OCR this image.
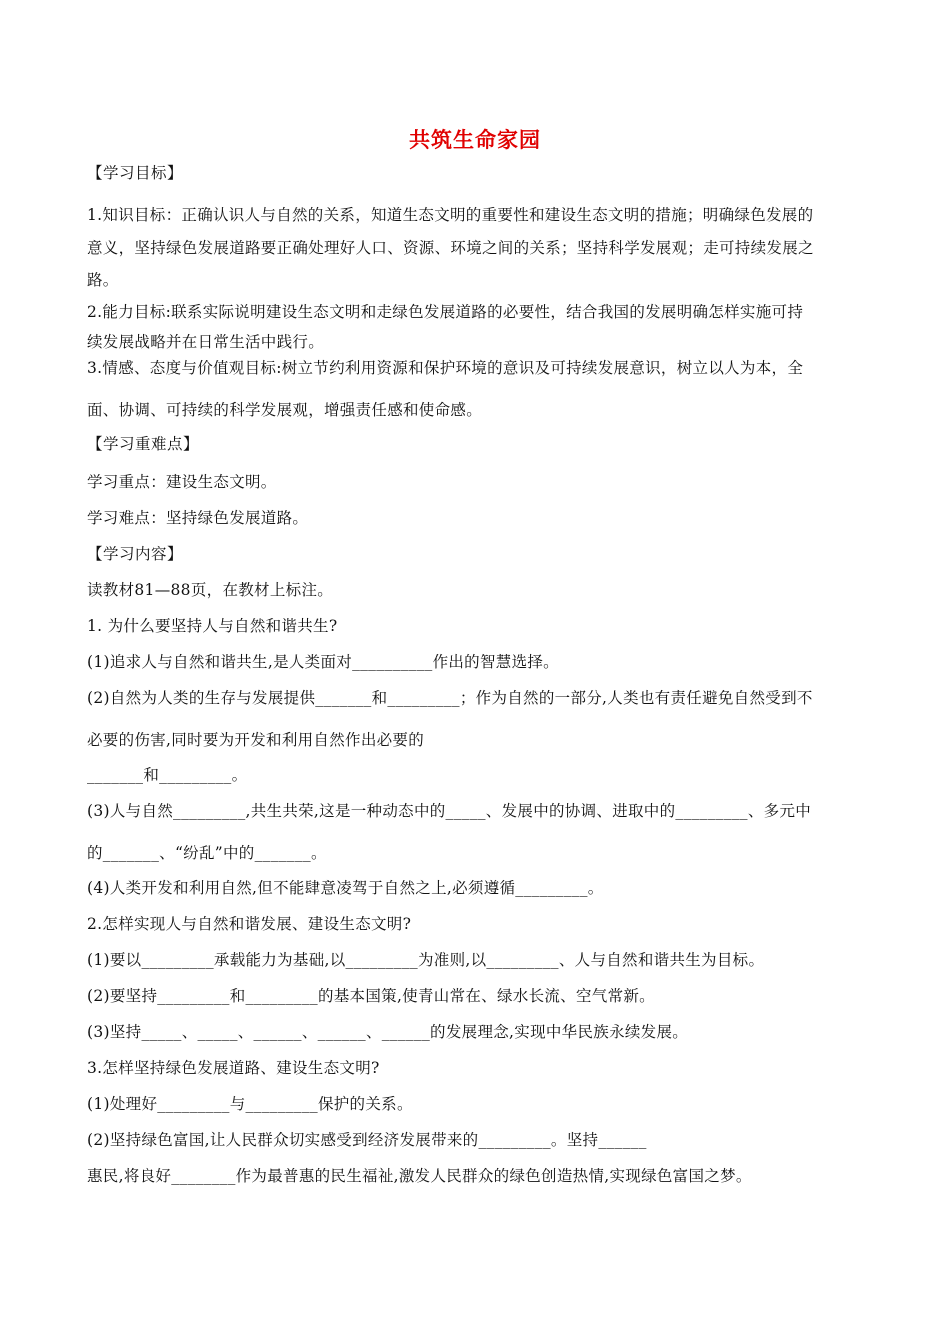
共筑生命家园
【学习目标】
1.知识目标：正确认识人与自然的关系，知道生态文明的重要性和建设生态文明的措施；明确绿色发展的
意义，坚持绿色发展道路要正确处理好人口、资源、环境之间的关系；坚持科学发展观；走可持续发展之
路。
2.能力目标:联系实际说明建设生态文明和走绿色发展道路的必要性，结合我国的发展明确怎样实施可持
续发展战略并在日常生活中践行。
3.情感、态度与价值观目标:树立节约利用资源和保护环境的意识及可持续发展意识，树立以人为本，全
面、协调、可持续的科学发展观，增强责任感和使命感。
【学习重难点】
学习重点：建设生态文明。
学习难点：坚持绿色发展道路。
【学习内容】
读教材81—88页，在教材上标注。
1. 为什么要坚持人与自然和谐共生?
(1)追求人与自然和谐共生,是人类面对__________作出的智慧选择。
(2)自然为人类的生存与发展提供_______和_________；作为自然的一部分,人类也有责任避免自然受到不
必要的伤害,同时要为开发和利用自然作出必要的
_______和_________。
(3)人与自然_________,共生共荣,这是一种动态中的_____、发展中的协调、进取中的_________、多元中
的_______、“纷乱”中的_______。
(4)人类开发和利用自然,但不能肆意凌驾于自然之上,必须遵循_________。
2.怎样实现人与自然和谐发展、建设生态文明?
(1)要以_________承载能力为基础,以_________为准则,以_________、人与自然和谐共生为目标。
(2)要坚持_________和_________的基本国策,使青山常在、绿水长流、空气常新。
(3)坚持_____、_____、______、______、______的发展理念,实现中华民族永续发展。
3.怎样坚持绿色发展道路、建设生态文明?
(1)处理好_________与_________保护的关系。
(2)坚持绿色富国,让人民群众切实感受到经济发展带来的_________。坚持______
惠民,将良好________作为最普惠的民生福祉,激发人民群众的绿色创造热情,实现绿色富国之梦。
